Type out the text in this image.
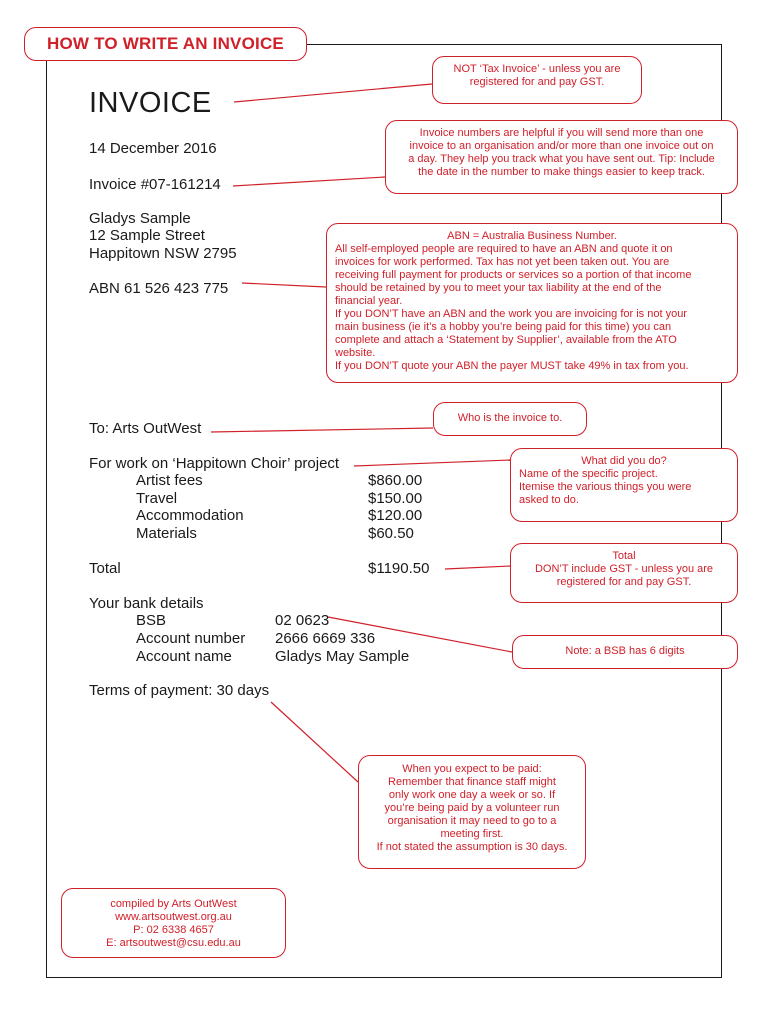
HOW TO WRITE AN INVOICE
INVOICE
14 December 2016
Invoice #07-161214
Gladys Sample
12 Sample Street
Happitown NSW 2795
ABN 61 526 423 775
To: Arts OutWest
For work on ‘Happitown Choir’ project
Artist fees	$860.00
Travel	$150.00
Accommodation	$120.00
Materials	$60.50
Total	$1190.50
Your bank details
BSB	02 0623
Account number 2666 6669 336
Account name	Gladys May Sample
Terms of payment: 30 days

NOT ‘Tax Invoice’ - unless you are

registered for and pay GST.

Invoice numbers are helpful if you will send more than one

invoice to an organisation and/or more than one invoice out on

a day. They help you track what you have sent out. Tip: Include

the date in the number to make things easier to keep track.

ABN = Australia Business Number.

All self-employed people are required to have an ABN and quote it on

invoices for work performed. Tax has not yet been taken out. You are

receiving full payment for products or services so a portion of that income

should be retained by you to meet your tax liability at the end of the

financial year.

If you DON’T have an ABN and the work you are invoicing for is not your

main business (ie it’s a hobby you’re being paid for this time) you can

complete and attach a ‘Statement by Supplier’, available from the ATO

website.

If you DON’T quote your ABN the payer MUST take 49% in tax from you.

Who is the invoice to.

What did you do?

Name of the specific project.

Itemise the various things you were

asked to do.

Total

DON’T include GST - unless you are

registered for and pay GST.

Note: a BSB has 6 digits

When you expect to be paid:

Remember that finance staff might

only work one day a week or so. If

you’re being paid by a volunteer run

organisation it may need to go to a

meeting first.

If not stated the assumption is 30 days.

compiled by Arts OutWest

www.artsoutwest.org.au

P: 02 6338 4657

E: artsoutwest@csu.edu.au
